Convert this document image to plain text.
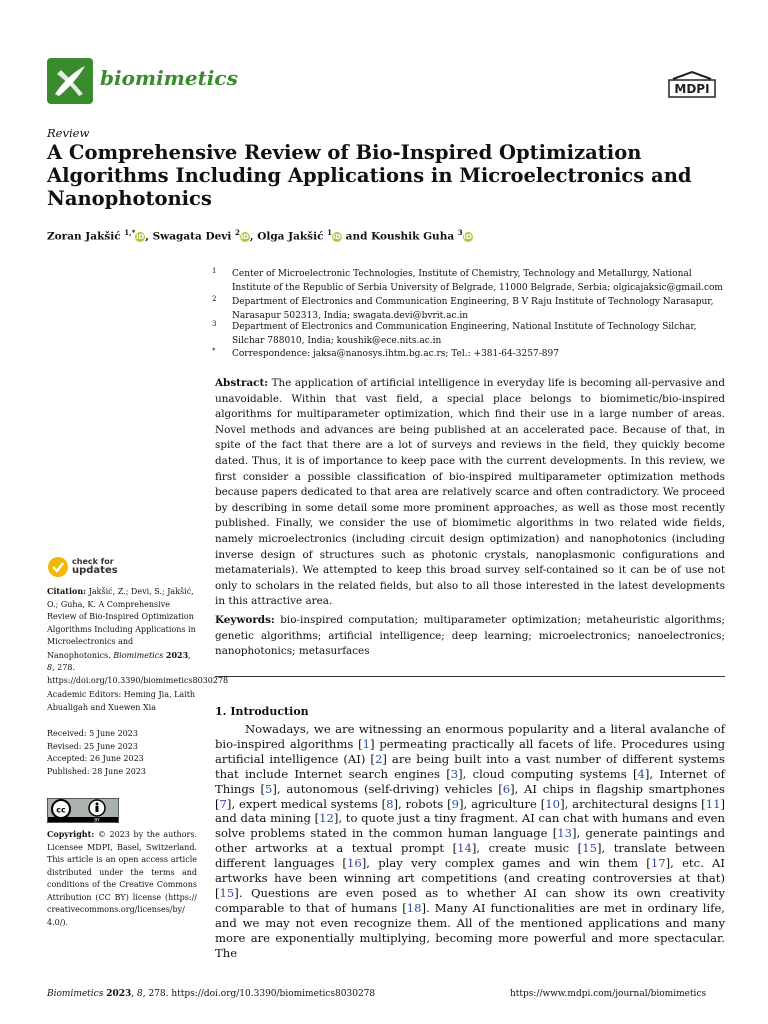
biomimetics	MDPI
Review
A Comprehensive Review of Bio-Inspired Optimization Algorithms Including Applications in Microelectronics and Nanophotonics
Zoran Jakšić $^{1,*}$iD, Swagata Devi $^2$iD, Olga Jakšić $^1$iD and Koushik Guha $^3$iD
1 Center of Microelectronic Technologies, Institute of Chemistry, Technology and Metallurgy, National Institute of the Republic of Serbia University of Belgrade, 11000 Belgrade, Serbia; olgicajaksic@gmail.com
2 Department of Electronics and Communication Engineering, B V Raju Institute of Technology Narasapur, Narasapur 502313, India; swagata.devi@bvrit.ac.in
3 Department of Electronics and Communication Engineering, National Institute of Technology Silchar, Silchar 788010, India; koushik@ece.nits.ac.in
* Correspondence: jaksa@nanosys.ihtm.bg.ac.rs; Tel.: +381-64-3257-897
Abstract: The application of artificial intelligence in everyday life is becoming all-pervasive and unavoidable. Within that vast field, a special place belongs to biomimetic/bio-inspired algorithms for multiparameter optimization, which find their use in a large number of areas. Novel methods and advances are being published at an accelerated pace. Because of that, in spite of the fact that there are a lot of surveys and reviews in the field, they quickly become dated. Thus, it is of importance to keep pace with the current developments. In this review, we first consider a possible classification of bio-inspired multiparameter optimization methods because papers dedicated to that area are relatively scarce and often contradictory. We proceed by describing in some detail some more prominent approaches, as well as those most recently published. Finally, we consider the use of biomimetic algorithms in two related wide fields, namely microelectronics (including circuit design optimization) and nanophotonics (including inverse design of structures such as photonic crystals, nanoplasmonic configurations and metamaterials). We attempted to keep this broad survey self-contained so it can be of use not only to scholars in the related fields, but also to all those interested in the latest developments in this attractive area.
Keywords: bio-inspired computation; multiparameter optimization; metaheuristic algorithms; genetic algorithms; artificial intelligence; deep learning; microelectronics; nanoelectronics; nanophotonics; metasurfaces
1. Introduction
Nowadays, we are witnessing an enormous popularity and a literal avalanche of bio-inspired algorithms [1] permeating practically all facets of life. Procedures using artificial intelligence (AI) [2] are being built into a vast number of different systems that include Internet search engines [3], cloud computing systems [4], Internet of Things [5], autonomous (self-driving) vehicles [6], AI chips in flagship smartphones [7], expert medical systems [8], robots [9], agriculture [10], architectural designs [11] and data mining [12], to quote just a tiny fragment. AI can chat with humans and even solve problems stated in the common human language [13], generate paintings and other artworks at a textual prompt [14], create music [15], translate between different languages [16], play very complex games and win them [17], etc. AI artworks have been winning art competitions (and creating controversies at that) [15]. Questions are even posed as to whether AI can show its own creativity comparable to that of humans [18]. Many AI functionalities are met in ordinary life, and we may not even recognize them. All of the mentioned applications and many more are exponentially multiplying, becoming more powerful and more spectacular. The
check for
updates
Citation: Jakšić, Z.; Devi, S.; Jakšić, O.; Guha, K. A Comprehensive Review of Bio-Inspired Optimization Algorithms Including Applications in Microelectronics and Nanophotonics. Biomimetics 2023, 8, 278. https://doi.org/10.3390/biomimetics8030278
Academic Editors: Heming Jia, Laith Abualigah and Xuewen Xia
Received: 5 June 2023
Revised: 25 June 2023
Accepted: 26 June 2023
Published: 28 June 2023
cc
BY
Copyright: © 2023 by the authors. Licensee MDPI, Basel, Switzerland. This article is an open access article distributed under the terms and conditions of the Creative Commons Attribution (CC BY) license (https:// creativecommons.org/licenses/by/ 4.0/).
Biomimetics 2023, 8, 278. https://doi.org/10.3390/biomimetics8030278	https://www.mdpi.com/journal/biomimetics
